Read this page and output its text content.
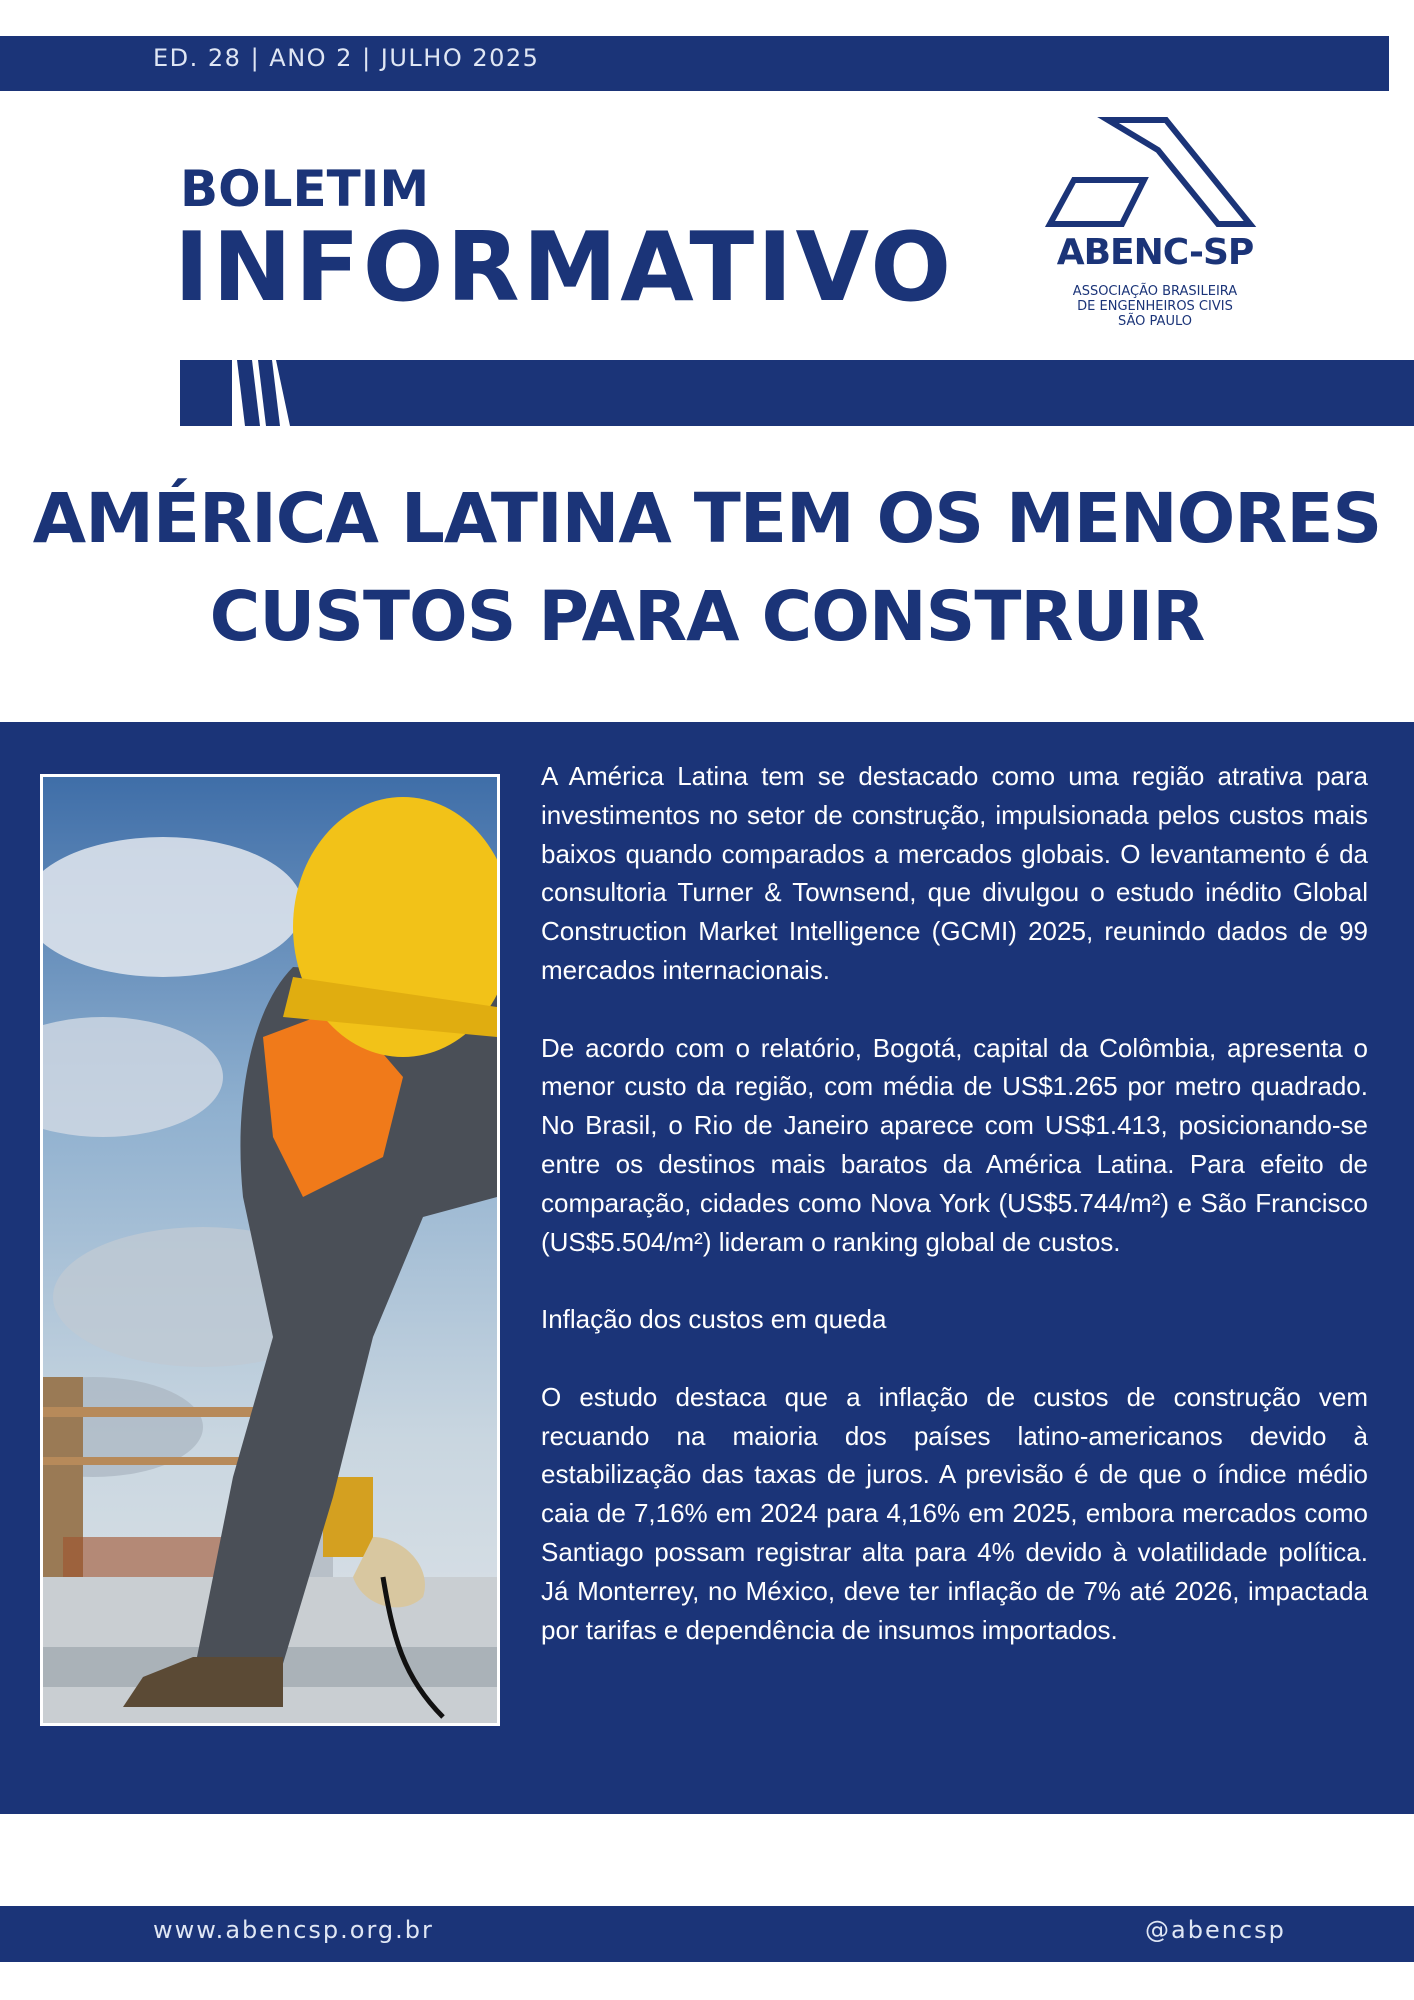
ED. 28 | ANO 2 | JULHO 2025
BOLETIM
INFORMATIVO	ABENC-SP
ASSOCIAÇÃO BRASILEIRA
DE ENGENHEIROS CIVIS
SÃO PAULO
AMÉRICA LATINA TEM OS MENORES
CUSTOS PARA CONSTRUIR

A América Latina tem se destacado como uma região atrativa para investimentos no setor de construção, impulsionada pelos custos mais baixos quando comparados a mercados globais. O levantamento é da consultoria Turner & Townsend, que divulgou o estudo inédito Global Construction Market Intelligence (GCMI) 2025, reunindo dados de 99 mercados internacionais.

De acordo com o relatório, Bogotá, capital da Colômbia, apresenta o menor custo da região, com média de US$1.265 por metro quadrado. No Brasil, o Rio de Janeiro aparece com US$1.413, posicionando-se entre os destinos mais baratos da América Latina. Para efeito de comparação, cidades como Nova York (US$5.744/m²) e São Francisco (US$5.504/m²) lideram o ranking global de custos.

Inflação dos custos em queda

O estudo destaca que a inflação de custos de construção vem recuando na maioria dos países latino-americanos devido à estabilização das taxas de juros. A previsão é de que o índice médio caia de 7,16% em 2024 para 4,16% em 2025, embora mercados como Santiago possam registrar alta para 4% devido à volatilidade política. Já Monterrey, no México, deve ter inflação de 7% até 2026, impactada por tarifas e dependência de insumos importados.

www.abencsp.org.br	@abencsp
